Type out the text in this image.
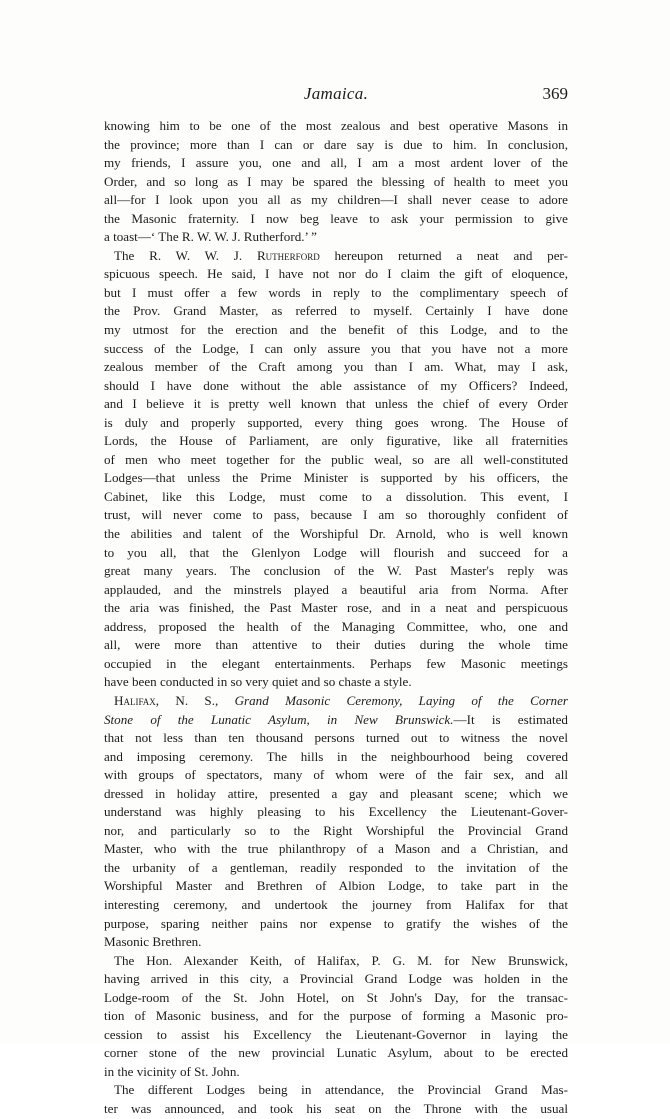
Jamaica.	369
knowing him to be one of the most zealous and best operative Masons in
the province; more than I can or dare say is due to him. In conclusion,
my friends, I assure you, one and all, I am a most ardent lover of the
Order, and so long as I may be spared the blessing of health to meet you
all—for I look upon you all as my children—I shall never cease to adore
the Masonic fraternity. I now beg leave to ask your permission to give
a toast—‘ The R. W. W. J. Rutherford.’ ”
The R. W. W. J. Rutherford hereupon returned a neat and per-
spicuous speech. He said, I have not nor do I claim the gift of eloquence,
but I must offer a few words in reply to the complimentary speech of
the Prov. Grand Master, as referred to myself. Certainly I have done
my utmost for the erection and the benefit of this Lodge, and to the
success of the Lodge, I can only assure you that you have not a more
zealous member of the Craft among you than I am. What, may I ask,
should I have done without the able assistance of my Officers? Indeed,
and I believe it is pretty well known that unless the chief of every Order
is duly and properly supported, every thing goes wrong. The House of
Lords, the House of Parliament, are only figurative, like all fraternities
of men who meet together for the public weal, so are all well-constituted
Lodges—that unless the Prime Minister is supported by his officers, the
Cabinet, like this Lodge, must come to a dissolution. This event, I
trust, will never come to pass, because I am so thoroughly confident of
the abilities and talent of the Worshipful Dr. Arnold, who is well known
to you all, that the Glenlyon Lodge will flourish and succeed for a
great many years. The conclusion of the W. Past Master's reply was
applauded, and the minstrels played a beautiful aria from Norma. After
the aria was finished, the Past Master rose, and in a neat and perspicuous
address, proposed the health of the Managing Committee, who, one and
all, were more than attentive to their duties during the whole time
occupied in the elegant entertainments. Perhaps few Masonic meetings
have been conducted in so very quiet and so chaste a style.
Halifax, N. S., Grand Masonic Ceremony, Laying of the Corner
Stone of the Lunatic Asylum, in New Brunswick.—It is estimated
that not less than ten thousand persons turned out to witness the novel
and imposing ceremony. The hills in the neighbourhood being covered
with groups of spectators, many of whom were of the fair sex, and all
dressed in holiday attire, presented a gay and pleasant scene; which we
understand was highly pleasing to his Excellency the Lieutenant-Gover-
nor, and particularly so to the Right Worshipful the Provincial Grand
Master, who with the true philanthropy of a Mason and a Christian, and
the urbanity of a gentleman, readily responded to the invitation of the
Worshipful Master and Brethren of Albion Lodge, to take part in the
interesting ceremony, and undertook the journey from Halifax for that
purpose, sparing neither pains nor expense to gratify the wishes of the
Masonic Brethren.
The Hon. Alexander Keith, of Halifax, P. G. M. for New Brunswick,
having arrived in this city, a Provincial Grand Lodge was holden in the
Lodge-room of the St. John Hotel, on St John's Day, for the transac-
tion of Masonic business, and for the purpose of forming a Masonic pro-
cession to assist his Excellency the Lieutenant-Governor in laying the
corner stone of the new provincial Lunatic Asylum, about to be erected
in the vicinity of St. John.
The different Lodges being in attendance, the Provincial Grand Mas-
ter was announced, and took his seat on the Throne with the usual
